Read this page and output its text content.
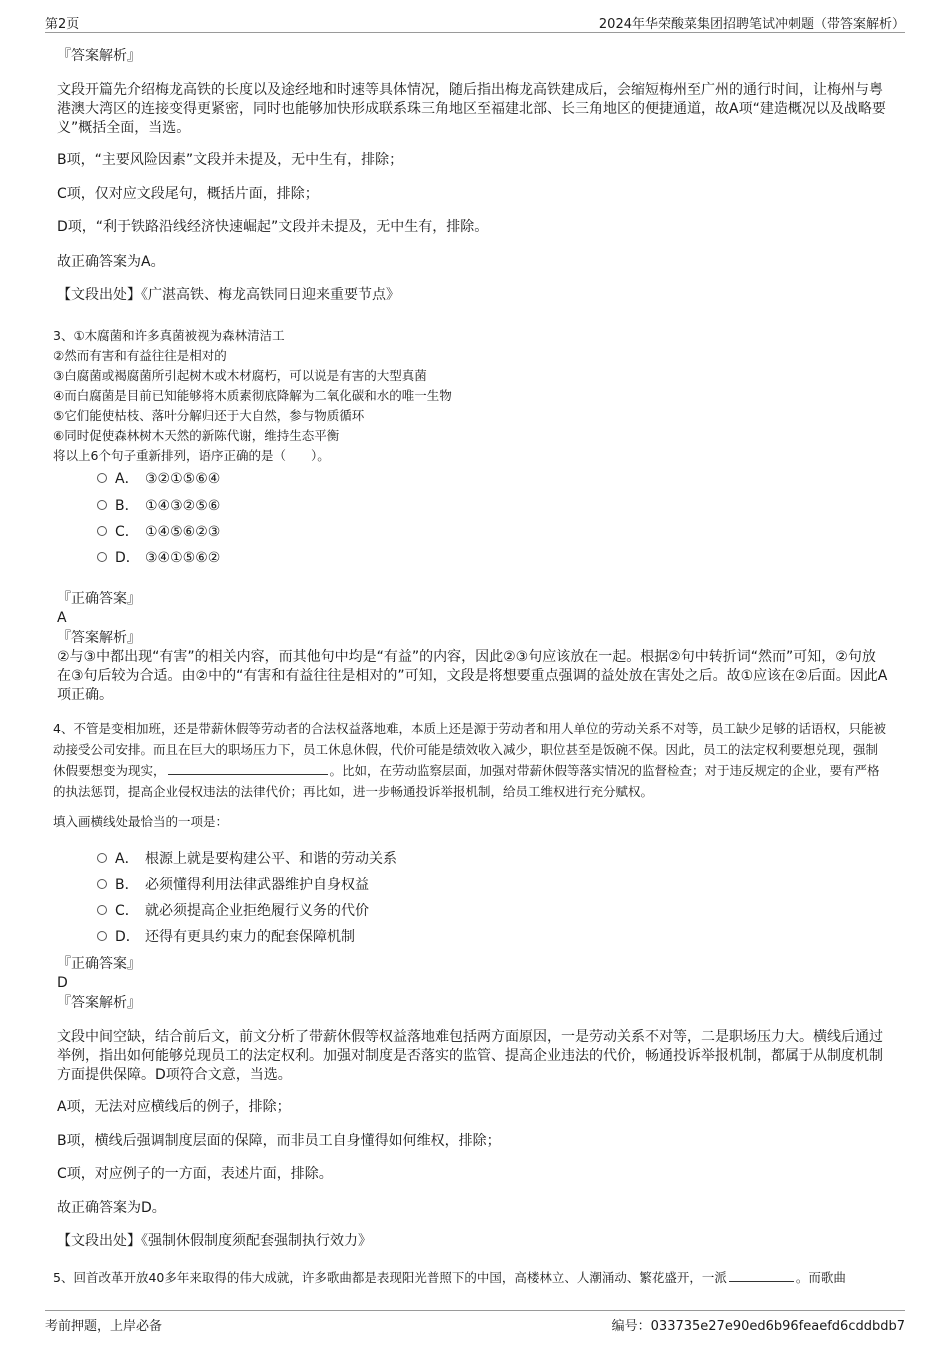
第2页	2024年华荣酸菜集团招聘笔试冲刺题（带答案解析）
『答案解析』
文段开篇先介绍梅龙高铁的长度以及途经地和时速等具体情况，随后指出梅龙高铁建成后，会缩短梅州至广州的通行时间，让梅州与粤港澳大湾区的连接变得更紧密，同时也能够加快形成联系珠三角地区至福建北部、长三角地区的便捷通道，故A项“建造概况以及战略要义”概括全面，当选。
B项，“主要风险因素”文段并未提及，无中生有，排除；
C项，仅对应文段尾句，概括片面，排除；
D项，“利于铁路沿线经济快速崛起”文段并未提及，无中生有，排除。
故正确答案为A。
【文段出处】《广湛高铁、梅龙高铁同日迎来重要节点》
3、①木腐菌和许多真菌被视为森林清洁工
②然而有害和有益往往是相对的
③白腐菌或褐腐菌所引起树木或木材腐朽，可以说是有害的大型真菌
④而白腐菌是目前已知能够将木质素彻底降解为二氧化碳和水的唯一生物
⑤它们能使枯枝、落叶分解归还于大自然，参与物质循环
⑥同时促使森林树木天然的新陈代谢，维持生态平衡
将以上6个句子重新排列，语序正确的是（　　）。
A． ③②①⑤⑥④
B． ①④③②⑤⑥
C． ①④⑤⑥②③
D． ③④①⑤⑥②
『正确答案』
A
『答案解析』
②与③中都出现“有害”的相关内容，而其他句中均是“有益”的内容，因此②③句应该放在一起。根据②句中转折词“然而”可知，②句放在③句后较为合适。由②中的“有害和有益往往是相对的”可知，文段是将想要重点强调的益处放在害处之后。故①应该在②后面。因此A项正确。
4、不管是变相加班，还是带薪休假等劳动者的合法权益落地难，本质上还是源于劳动者和用人单位的劳动关系不对等，员工缺少足够的话语权，只能被动接受公司安排。而且在巨大的职场压力下，员工休息休假，代价可能是绩效收入减少，职位甚至是饭碗不保。因此，员工的法定权利要想兑现，强制休假要想变为现实，	。比如，在劳动监察层面，加强对带薪休假等落实情况的监督检查；对于违反规定的企业，要有严格的执法惩罚，提高企业侵权违法的法律代价；再比如，进一步畅通投诉举报机制，给员工维权进行充分赋权。
填入画横线处最恰当的一项是：
A． 根源上就是要构建公平、和谐的劳动关系
B． 必须懂得利用法律武器维护自身权益
C． 就必须提高企业拒绝履行义务的代价
D． 还得有更具约束力的配套保障机制
『正确答案』
D
『答案解析』
文段中间空缺，结合前后文，前文分析了带薪休假等权益落地难包括两方面原因，一是劳动关系不对等，二是职场压力大。横线后通过举例，指出如何能够兑现员工的法定权利。加强对制度是否落实的监管、提高企业违法的代价，畅通投诉举报机制，都属于从制度机制方面提供保障。D项符合文意，当选。
A项，无法对应横线后的例子，排除；
B项，横线后强调制度层面的保障，而非员工自身懂得如何维权，排除；
C项，对应例子的一方面，表述片面，排除。
故正确答案为D。
【文段出处】《强制休假制度须配套强制执行效力》
5、回首改革开放40多年来取得的伟大成就，许多歌曲都是表现阳光普照下的中国，高楼林立、人潮涌动、繁花盛开，一派	。而歌曲
考前押题，上岸必备	编号：033735e27e90ed6b96feaefd6cddbdb7
